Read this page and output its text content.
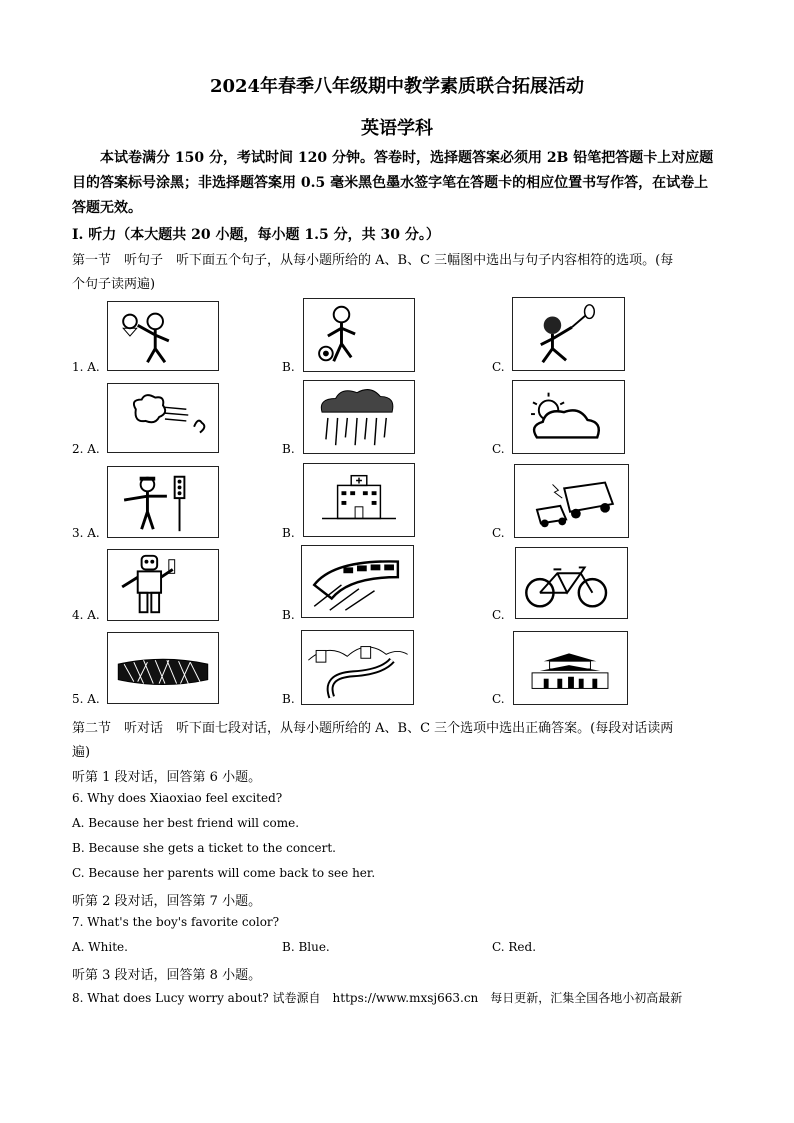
2024年春季八年级期中教学素质联合拓展活动
英语学科
本试卷满分 150 分，考试时间 120 分钟。答卷时，选择题答案必须用 2B 铅笔把答题卡上对应题目的答案标号涂黑；非选择题答案用 0.5 毫米黑色墨水签字笔在答题卡的相应位置书写作答，在试卷上答题无效。
I. 听力（本大题共 20 小题，每小题 1.5 分，共 30 分。）
第一节　听句子　听下面五个句子，从每小题所给的 A、B、C 三幅图中选出与句子内容相符的选项。(每
个句子读两遍)
1. A.	B.	C.
2. A.	B.	C.
3. A.	B.	C.
4. A.	B.	C.
5. A.	B.	C.
第二节　听对话　听下面七段对话，从每小题所给的 A、B、C 三个选项中选出正确答案。(每段对话读两
遍)
听第 1 段对话，回答第 6 小题。
6. Why does Xiaoxiao feel excited?
A. Because her best friend will come.
B. Because she gets a ticket to the concert.
C. Because her parents will come back to see her.
听第 2 段对话，回答第 7 小题。
7. What's the boy's favorite color?
A. White.	B. Blue.	C. Red.
听第 3 段对话，回答第 8 小题。
8. What does Lucy worry about? 试卷源自　https://www.mxsj663.cn　每日更新，汇集全国各地小初高最新
